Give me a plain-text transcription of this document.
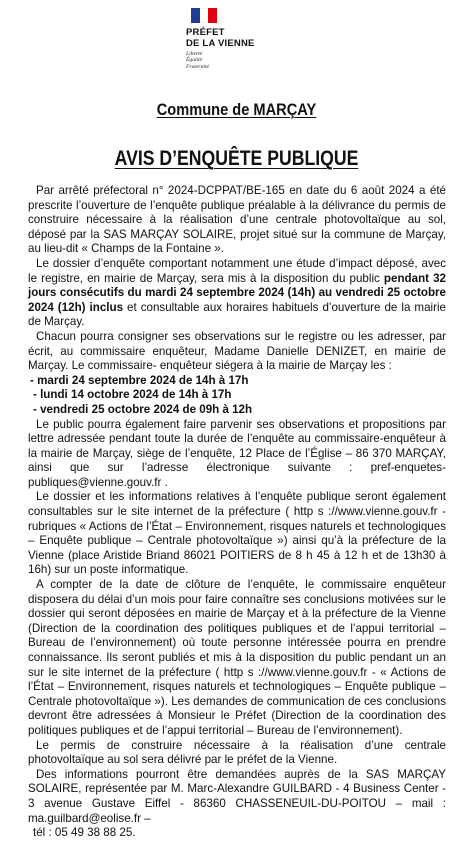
PRÉFET
DE LA VIENNE
Liberté
Égalité
Fraternité
Commune de MARÇAY
AVIS D’ENQUÊTE PUBLIQUE

Par arrêté préfectoral n° 2024-DCPPAT/BE-165 en date du 6 août 2024 a été prescrite l’ouverture de l’enquête publique préalable à la délivrance du permis de construire nécessaire à la réalisation d’une centrale photovoltaïque au sol, déposé par la SAS MARÇAY SOLAIRE, projet situé sur la commune de Marçay, au lieu-dit « Champs de la Fontaine ».

Le dossier d’enquête comportant notamment une étude d’impact déposé, avec le registre, en mairie de Marçay, sera mis à la disposition du public pendant 32 jours consécutifs du mardi 24 septembre 2024 (14h) au vendredi 25 octobre 2024 (12h) inclus et consultable aux horaires habituels d’ouverture de la mairie de Marçay.

Chacun pourra consigner ses observations sur le registre ou les adresser, par écrit, au commissaire enquêteur, Madame Danielle DENIZET, en mairie de Marçay. Le commissaire- enquêteur siégera à la mairie de Marçay les :

- mardi 24 septembre 2024 de 14h à 17h
- lundi 14 octobre 2024 de 14h à 17h
- vendredi 25 octobre 2024 de 09h à 12h

Le public pourra également faire parvenir ses observations et propositions par lettre adressée pendant toute la durée de l’enquête au commissaire-enquêteur à la mairie de Marçay, siège de l’enquête, 12 Place de l’Église – 86 370 MARÇAY, ainsi que sur l’adresse électronique suivante : pref-enquetes-publiques@vienne.gouv.fr .

Le dossier et les informations relatives à l’enquête publique seront également consultables sur le site internet de la préfecture ( http s ://www.vienne.gouv.fr - rubriques « Actions de l’État – Environnement, risques naturels et technologiques – Enquête publique – Centrale photovoltaïque ») ainsi qu’à la préfecture de la Vienne (place Aristide Briand 86021 POITIERS de 8 h 45 à 12 h et de 13h30 à 16h) sur un poste informatique.

A compter de la date de clôture de l’enquête, le commissaire enquêteur disposera du délai d’un mois pour faire connaître ses conclusions motivées sur le dossier qui seront déposées en mairie de Marçay et à la préfecture de la Vienne (Direction de la coordination des politiques publiques et de l’appui territorial – Bureau de l’environnement) où toute personne intéressée pourra en prendre connaissance. Ils seront publiés et mis à la disposition du public pendant un an sur le site internet de la préfecture ( http s ://www.vienne.gouv.fr - « Actions de l’État – Environnement, risques naturels et technologiques – Enquête publique – Centrale photovoltaïque »). Les demandes de communication de ces conclusions devront être adressées à Monsieur le Préfet (Direction de la coordination des politiques publiques et de l’appui territorial – Bureau de l’environnement).

Le permis de construire nécessaire à la réalisation d’une centrale photovoltaïque au sol sera délivré par le préfet de la Vienne.

Des informations pourront être demandées auprès de la SAS MARÇAY SOLAIRE, représentée par M. Marc-Alexandre GUILBARD - 4 Business Center - 3 avenue Gustave Eiffel - 86360 CHASSENEUIL-DU-POITOU – mail : ma.guilbard@eolise.fr –

tél : 05 49 38 88 25.
